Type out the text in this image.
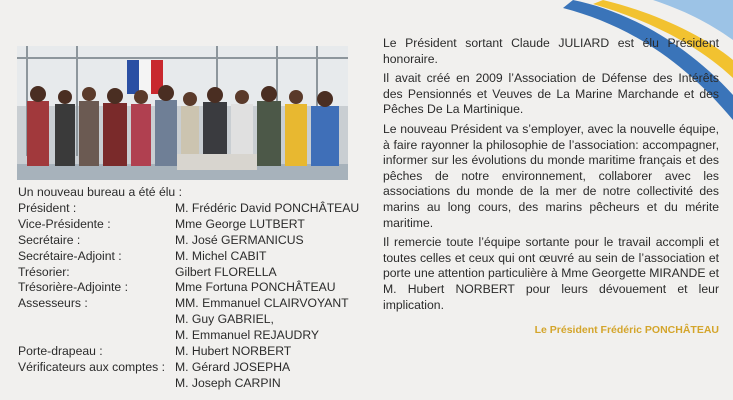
Un nouveau bureau a été élu :

Président :	M. Frédéric David PONCHÂTEAU
Vice-Présidente :	Mme George LUTBERT
Secrétaire :	M. José GERMANICUS
Secrétaire-Adjoint :	M. Michel CABIT
Trésorier:	Gilbert FLORELLA
Trésorière-Adjointe :	Mme Fortuna PONCHÂTEAU
Assesseurs :	MM. Emmanuel CLAIRVOYANT
M. Guy GABRIEL,
M. Emmanuel REJAUDRY
Porte-drapeau :	M. Hubert NORBERT
Vérificateurs aux comptes : M. Gérard JOSEPHA
M. Joseph CARPIN

Le Président sortant Claude JULIARD est élu Président honoraire.

Il avait créé en 2009 l’Association de Défense des Intérêts des Pensionnés et Veuves de La Marine Marchande et des Pêches De La Martinique.

Le nouveau Président va s’employer, avec la nouvelle équipe, à faire rayonner la philosophie de l’association: accompagner, informer sur les évolutions du monde maritime français et des pêches de notre environnement, collaborer avec les associations du monde de la mer de notre collectivité des marins au long cours, des marins pêcheurs et du mérite maritime.

Il remercie toute l’équipe sortante pour le travail accompli et toutes celles et ceux qui ont œuvré au sein de l’association et porte une attention particulière à Mme Georgette MIRANDE et M. Hubert NORBERT pour leurs dévouement et leur implication.

Le Président Frédéric PONCHÂTEAU
